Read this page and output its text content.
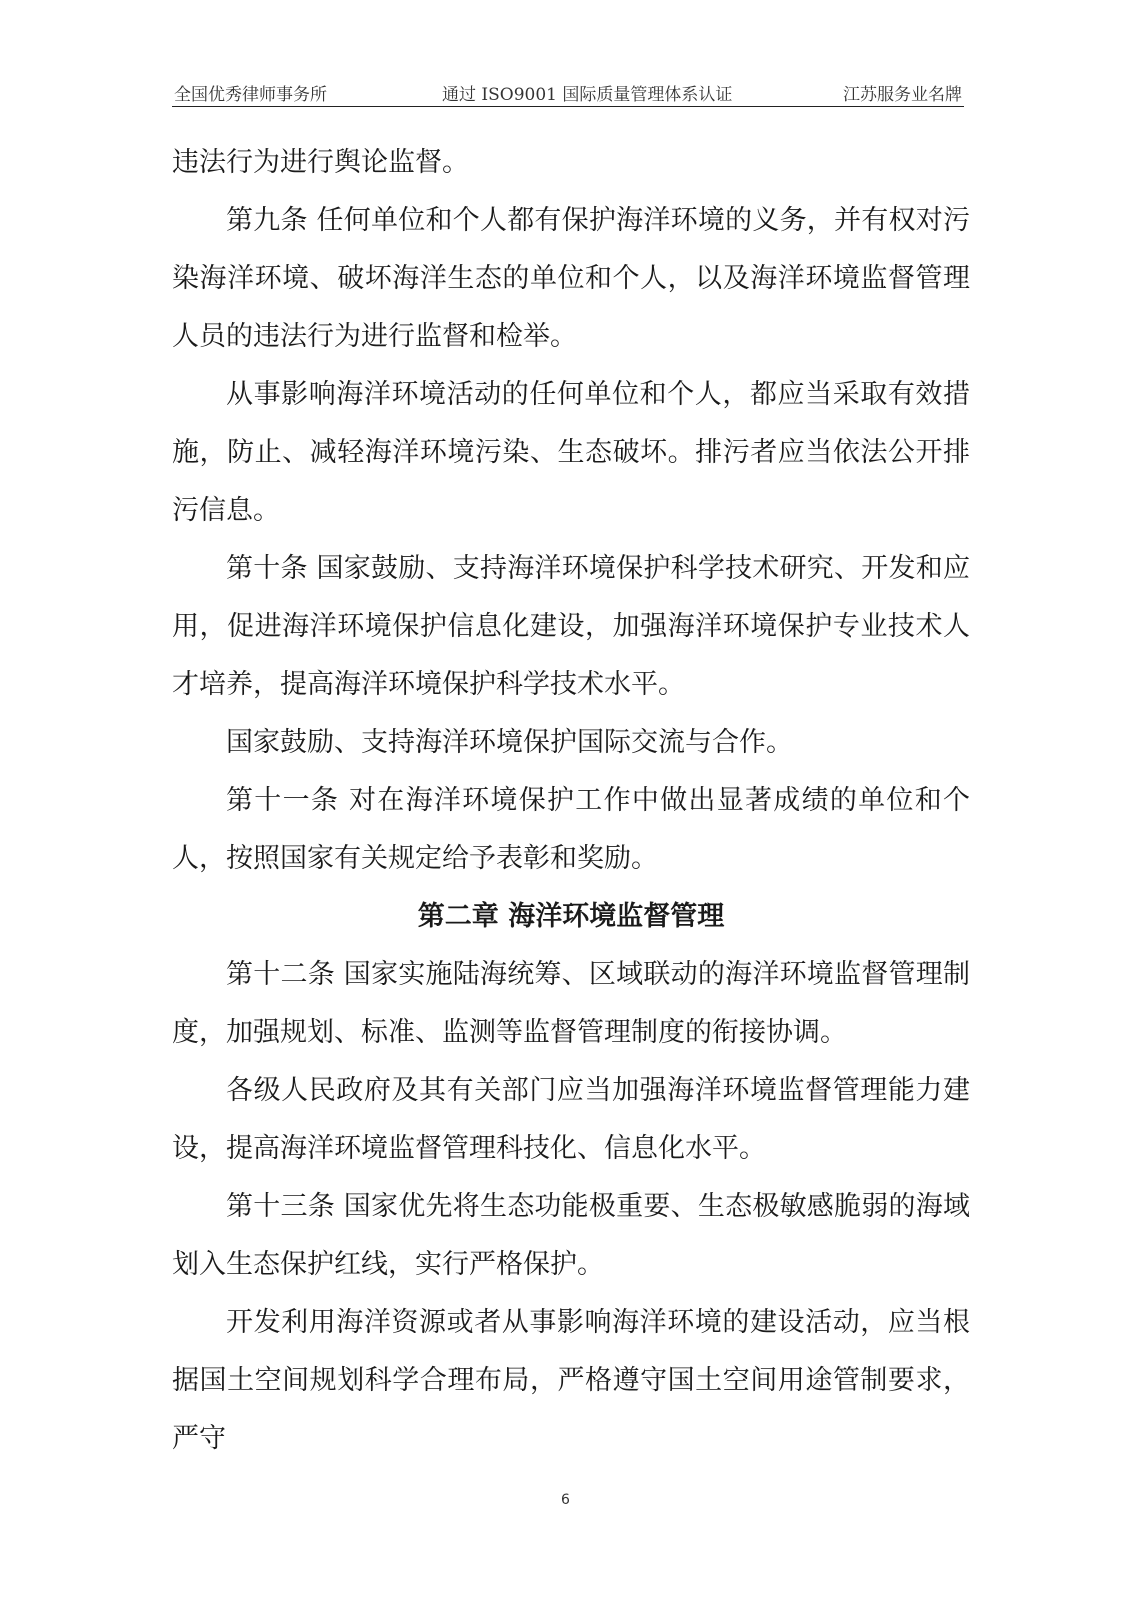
全国优秀律师事务所	通过 ISO9001 国际质量管理体系认证	江苏服务业名牌

违法行为进行舆论监督。

第九条 任何单位和个人都有保护海洋环境的义务，并有权对污染海洋环境、破坏海洋生态的单位和个人，以及海洋环境监督管理人员的违法行为进行监督和检举。

从事影响海洋环境活动的任何单位和个人，都应当采取有效措施，防止、减轻海洋环境污染、生态破坏。排污者应当依法公开排污信息。

第十条 国家鼓励、支持海洋环境保护科学技术研究、开发和应用，促进海洋环境保护信息化建设，加强海洋环境保护专业技术人才培养，提高海洋环境保护科学技术水平。

国家鼓励、支持海洋环境保护国际交流与合作。

第十一条 对在海洋环境保护工作中做出显著成绩的单位和个人，按照国家有关规定给予表彰和奖励。

第二章 海洋环境监督管理

第十二条 国家实施陆海统筹、区域联动的海洋环境监督管理制度，加强规划、标准、监测等监督管理制度的衔接协调。

各级人民政府及其有关部门应当加强海洋环境监督管理能力建设，提高海洋环境监督管理科技化、信息化水平。

第十三条 国家优先将生态功能极重要、生态极敏感脆弱的海域划入生态保护红线，实行严格保护。

开发利用海洋资源或者从事影响海洋环境的建设活动，应当根据国土空间规划科学合理布局，严格遵守国土空间用途管制要求，严守

6
